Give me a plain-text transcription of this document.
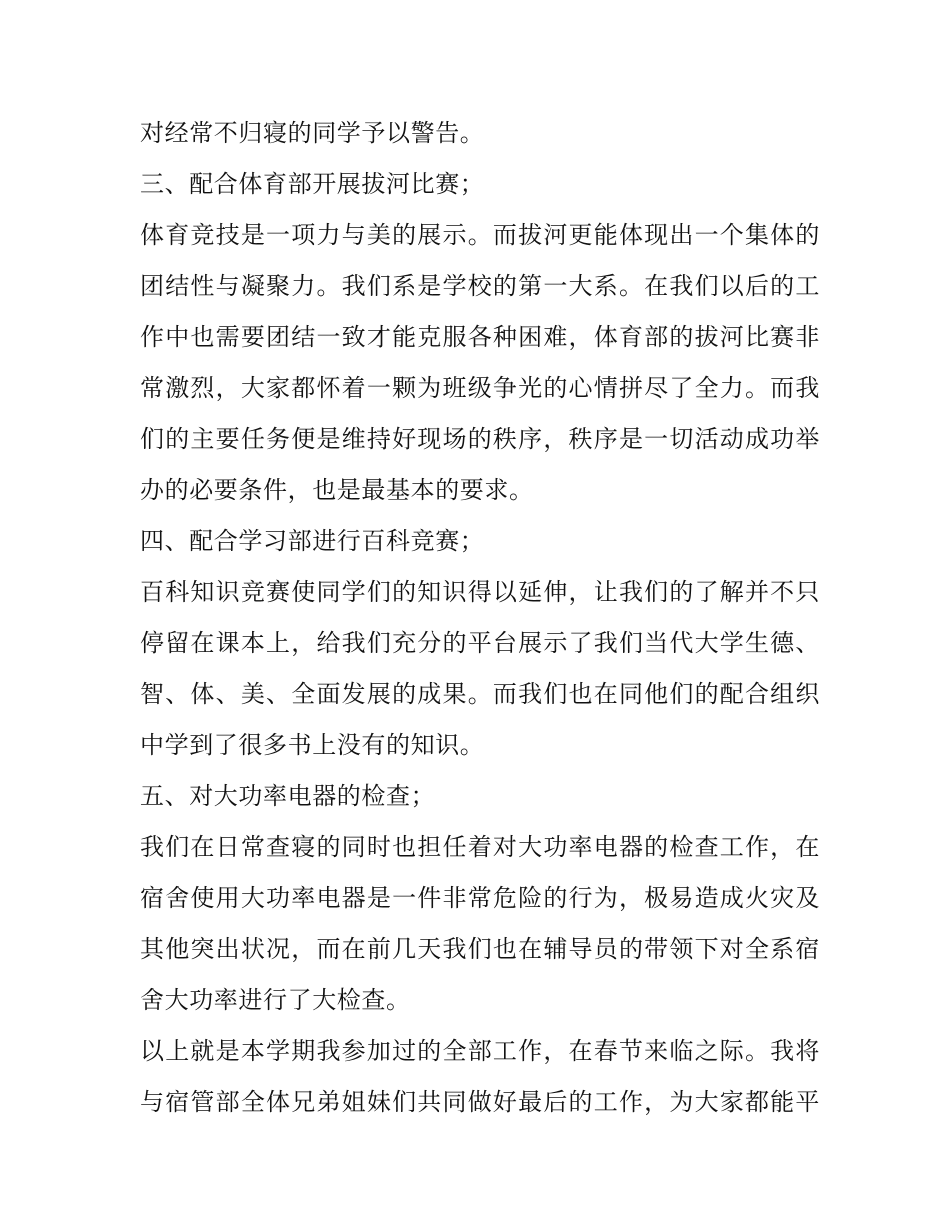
对经常不归寝的同学予以警告。
三、配合体育部开展拔河比赛；
体育竞技是一项力与美的展示。而拔河更能体现出一个集体的
团结性与凝聚力。我们系是学校的第一大系。在我们以后的工
作中也需要团结一致才能克服各种困难，体育部的拔河比赛非
常激烈，大家都怀着一颗为班级争光的心情拼尽了全力。而我
们的主要任务便是维持好现场的秩序，秩序是一切活动成功举
办的必要条件，也是最基本的要求。
四、配合学习部进行百科竞赛；
百科知识竞赛使同学们的知识得以延伸，让我们的了解并不只
停留在课本上，给我们充分的平台展示了我们当代大学生德、
智、体、美、全面发展的成果。而我们也在同他们的配合组织
中学到了很多书上没有的知识。
五、对大功率电器的检查；
我们在日常查寝的同时也担任着对大功率电器的检查工作，在
宿舍使用大功率电器是一件非常危险的行为，极易造成火灾及
其他突出状况，而在前几天我们也在辅导员的带领下对全系宿
舍大功率进行了大检查。
以上就是本学期我参加过的全部工作，在春节来临之际。我将
与宿管部全体兄弟姐妹们共同做好最后的工作，为大家都能平
